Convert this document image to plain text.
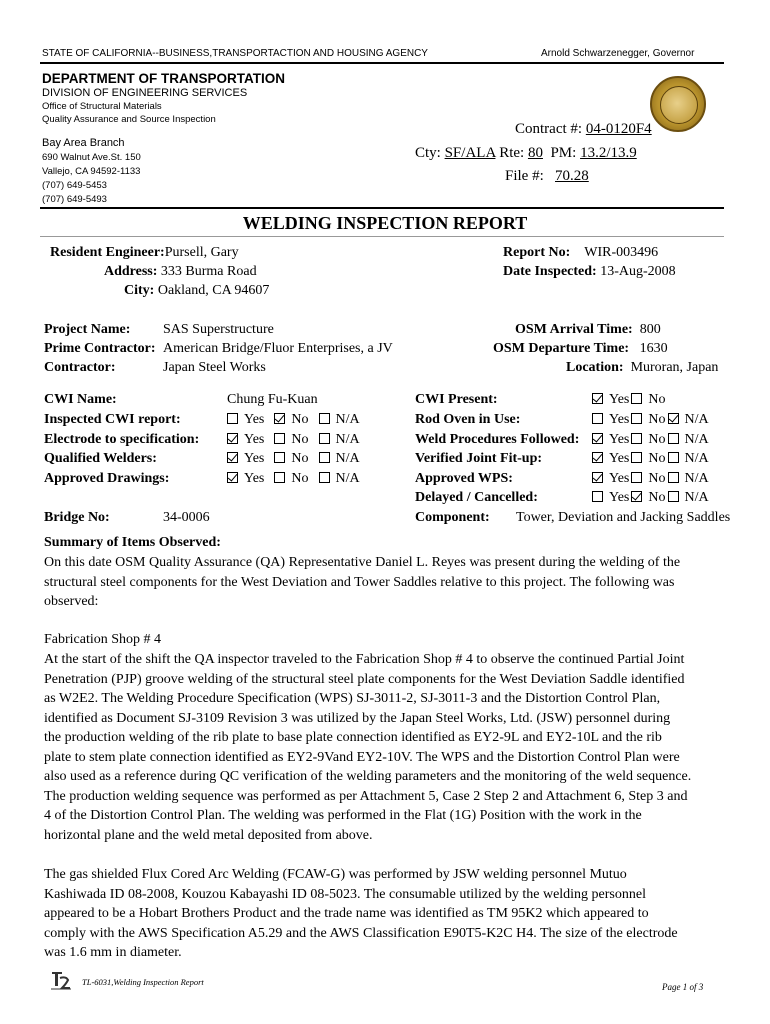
STATE OF CALIFORNIA--BUSINESS,TRANSPORTACTION AND HOUSING AGENCY	Arnold Schwarzenegger, Governor
DEPARTMENT OF TRANSPORTATION
DIVISION OF ENGINEERING SERVICES
Office of Structural Materials
Quality Assurance and Source Inspection
Bay Area Branch
690 Walnut Ave.St. 150
Vallejo, CA 94592-1133
(707) 649-5453
(707) 649-5493
Contract #: 04-0120F4
Cty: SF/ALA Rte: 80 PM: 13.2/13.9
File #: 70.28
WELDING INSPECTION REPORT
Resident Engineer:Pursell, Gary
Address: 333 Burma Road
City: Oakland, CA 94607
Report No: WIR-003496
Date Inspected: 13-Aug-2008
Project Name: SAS Superstructure
Prime Contractor: American Bridge/Fluor Enterprises, a JV
Contractor:	Japan Steel Works
OSM Arrival Time: 800
OSM Departure Time: 1630
Location: Muroran, Japan
CWI Name:	Chung Fu-Kuan
Inspected CWI report:	Yes No N/A
Electrode to specification:	Yes No N/A
Qualified Welders:	Yes No N/A
Approved Drawings:	Yes No N/A
CWI Present:	Yes No
Rod Oven in Use:	Yes No N/A
Weld Procedures Followed:	Yes No N/A
Verified Joint Fit-up:	Yes No N/A
Approved WPS:	Yes No N/A
Delayed / Cancelled:	Yes No N/A
Bridge No:	34-0006	Component: Tower, Deviation and Jacking Saddles
Summary of Items Observed:
On this date OSM Quality Assurance (QA) Representative Daniel L. Reyes was present during the welding of the
structural steel components for the West Deviation and Tower Saddles relative to this project. The following was
observed:
Fabrication Shop # 4
At the start of the shift the QA inspector traveled to the Fabrication Shop # 4 to observe the continued Partial Joint
Penetration (PJP) groove welding of the structural steel plate components for the West Deviation Saddle identified
as W2E2. The Welding Procedure Specification (WPS) SJ-3011-2, SJ-3011-3 and the Distortion Control Plan,
identified as Document SJ-3109 Revision 3 was utilized by the Japan Steel Works, Ltd. (JSW) personnel during
the production welding of the rib plate to base plate connection identified as EY2-9L and EY2-10L and the rib
plate to stem plate connection identified as EY2-9Vand EY2-10V. The WPS and the Distortion Control Plan were
also used as a reference during QC verification of the welding parameters and the monitoring of the weld sequence.
The production welding sequence was performed as per Attachment 5, Case 2 Step 2 and Attachment 6, Step 3 and
4 of the Distortion Control Plan. The welding was performed in the Flat (1G) Position with the work in the
horizontal plane and the weld metal deposited from above.
The gas shielded Flux Cored Arc Welding (FCAW-G) was performed by JSW welding personnel Mutuo
Kashiwada ID 08-2008, Kouzou Kabayashi ID 08-5023. The consumable utilized by the welding personnel
appeared to be a Hobart Brothers Product and the trade name was identified as TM 95K2 which appeared to
comply with the AWS Specification A5.29 and the AWS Classification E90T5-K2C H4. The size of the electrode
was 1.6 mm in diameter.
TL-6031,Welding Inspection Report	Page 1 of 3
